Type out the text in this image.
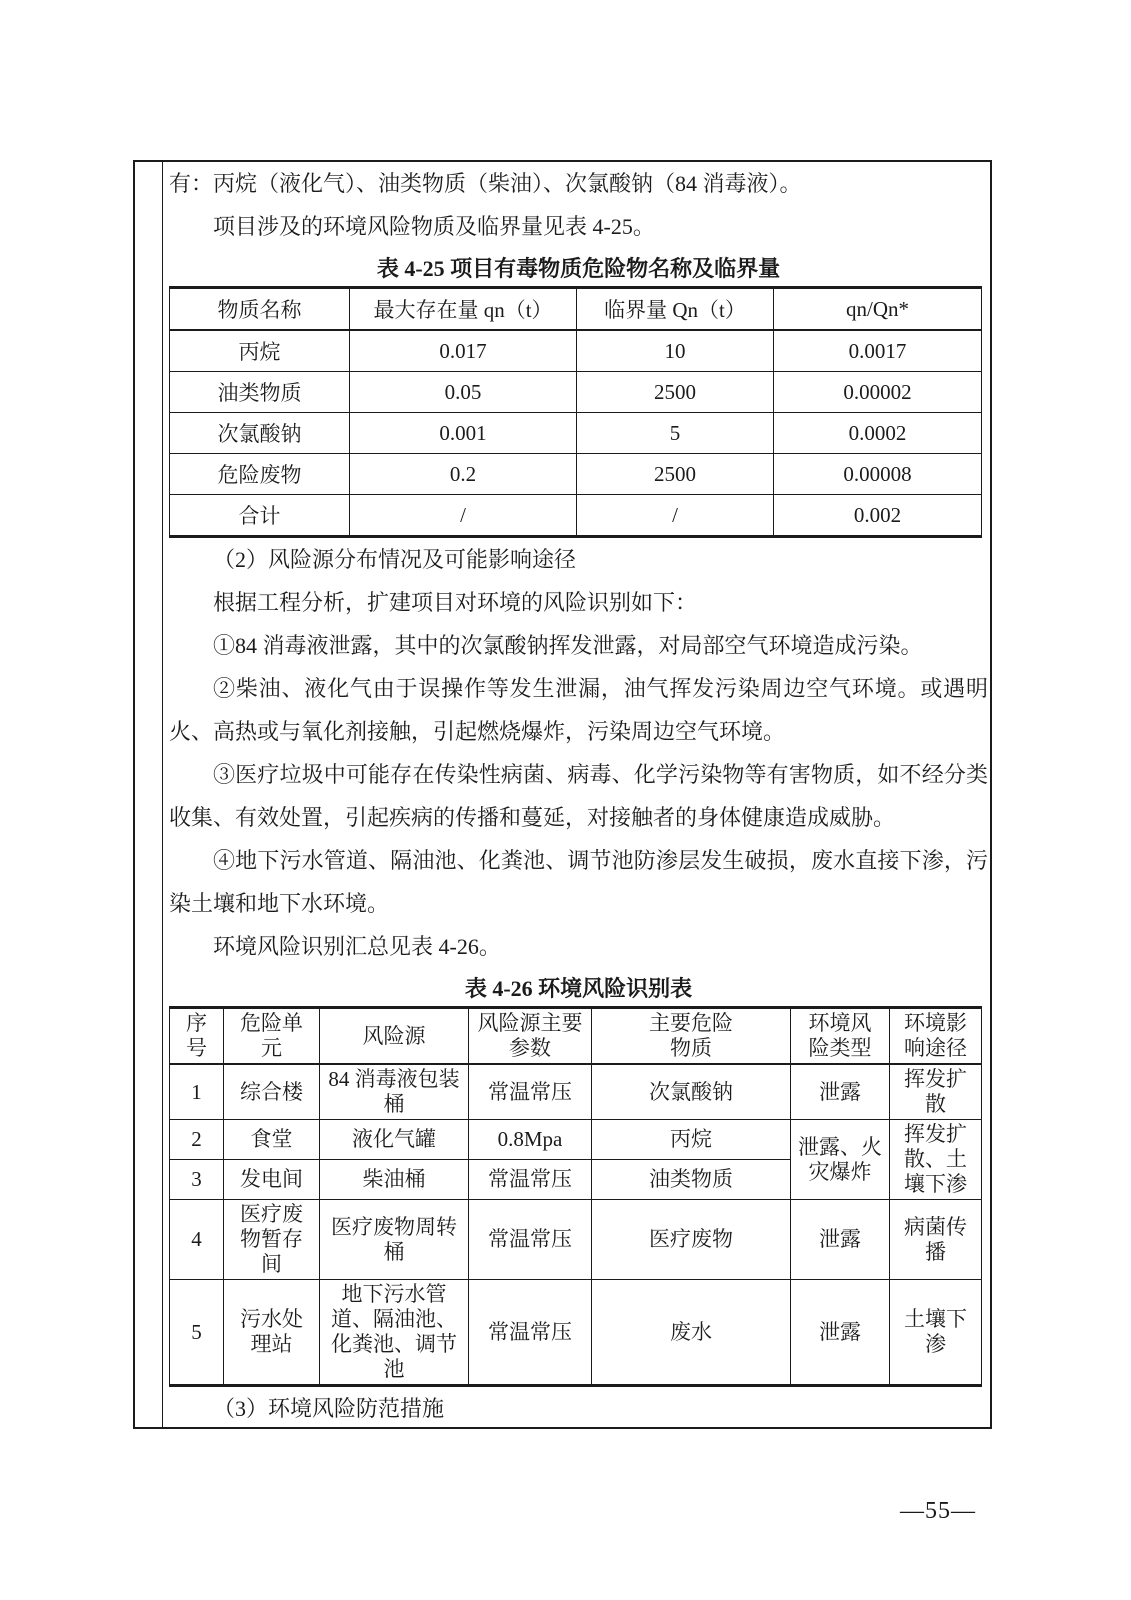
有：丙烷（液化气）、油类物质（柴油）、次氯酸钠（84 消毒液）。

项目涉及的环境风险物质及临界量见表 4-25。

表 4-25 项目有毒物质危险物名称及临界量
物质名称	最大存在量 qn（t）	临界量 Qn（t）	qn/Qn*
丙烷	0.017	10	0.0017
油类物质	0.05	2500	0.00002
次氯酸钠	0.001	5	0.0002
危险废物	0.2	2500	0.00008
合计	/	/	0.002

（2）风险源分布情况及可能影响途径

根据工程分析，扩建项目对环境的风险识别如下：

①84 消毒液泄露，其中的次氯酸钠挥发泄露，对局部空气环境造成污染。

②柴油、液化气由于误操作等发生泄漏，油气挥发污染周边空气环境。或遇明火、高热或与氧化剂接触，引起燃烧爆炸，污染周边空气环境。

③医疗垃圾中可能存在传染性病菌、病毒、化学污染物等有害物质，如不经分类收集、有效处置，引起疾病的传播和蔓延，对接触者的身体健康造成威胁。

④地下污水管道、隔油池、化粪池、调节池防渗层发生破损，废水直接下渗，污染土壤和地下水环境。

环境风险识别汇总见表 4-26。

表 4-26 环境风险识别表
序号	危险单元	风险源	风险源主要参数	主要危险物质	环境风险类型	环境影响途径
1	综合楼	84 消毒液包装桶	常温常压	次氯酸钠	泄露	挥发扩散
2	食堂	液化气罐	0.8Mpa	丙烷	泄露、火灾爆炸	挥发扩散、土壤下渗
3	发电间	柴油桶	常温常压	油类物质		
4	医疗废物暂存间	医疗废物周转桶	常温常压	医疗废物	泄露	病菌传播
5	污水处理站	地下污水管道、隔油池、化粪池、调节池	常温常压	废水	泄露	土壤下渗

（3）环境风险防范措施

—55—
